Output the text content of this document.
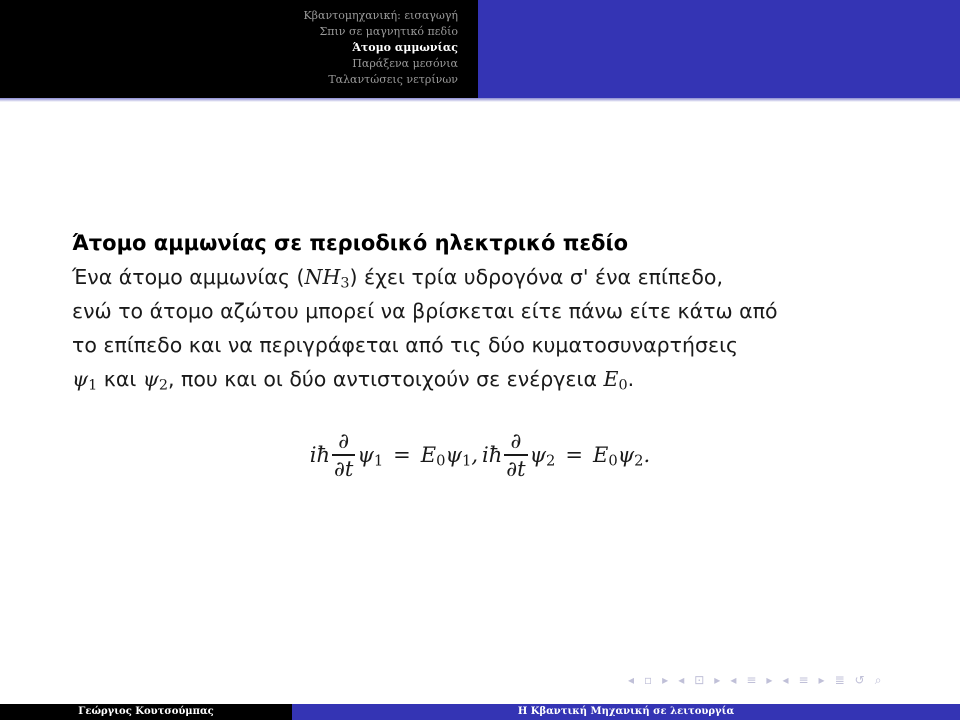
Κβαντομηχανική: εισαγωγή
Σπιν σε μαγνητικό πεδίο
Άτομο αμμωνίας
Παράξενα μεσόνια
Ταλαντώσεις νετρίνων
Άτομο αμμωνίας σε περιοδικό ηλεκτρικό πεδίο
Ένα άτομο αμμωνίας $(NH_3)$ έχει τρία υδρογόνα σ' ένα επίπεδο,
ενώ το άτομο αζώτου μπορεί να βρίσκεται είτε πάνω είτε κάτω από
το επίπεδο και να περιγράφεται από τις δύο κυματοσυναρτήσεις
$\psi_1$ και $\psi_2$, που και οι δύο αντιστοιχούν σε ενέργεια $E_0$.
iħ $\frac{\partial}{\partial t} \psi_1 = E_0\psi_1$, iħ $\frac{\partial}{\partial t} \psi_2 = E_0\psi_2$.
◂ ▫ ▸ ◂ ⊡ ▸ ◂ ≡ ▸ ◂ ≡ ▸ ≣ ↺ ⌕
Γεώργιος Κουτσούμπας	Η Κβαντική Μηχανική σε λειτουργία
